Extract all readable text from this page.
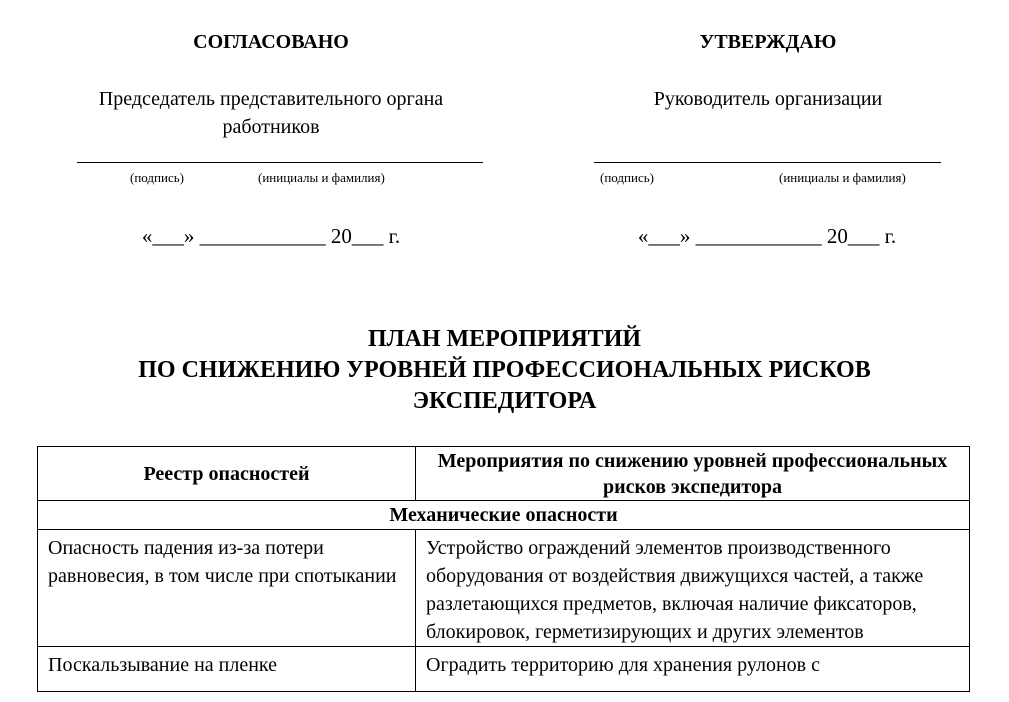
СОГЛАСОВАНО
Председатель представительного органа работников
(подпись)	(инициалы и фамилия)
«___» ____________ 20___ г.
УТВЕРЖДАЮ
Руководитель организации
(подпись)	(инициалы и фамилия)
«___» ____________ 20___ г.
ПЛАН МЕРОПРИЯТИЙ
ПО СНИЖЕНИЮ УРОВНЕЙ ПРОФЕССИОНАЛЬНЫХ РИСКОВ
ЭКСПЕДИТОРА
Реестр опасностей	Мероприятия по снижению уровней профессиональных рисков экспедитора
Механические опасности	
Опасность падения из-за потери равновесия, в том числе при спотыкании	Устройство ограждений элементов производственного оборудования от воздействия движущихся частей, а также разлетающихся предметов, включая наличие фиксаторов, блокировок, герметизирующих и других элементов
Поскальзывание на пленке	Оградить территорию для хранения рулонов с
